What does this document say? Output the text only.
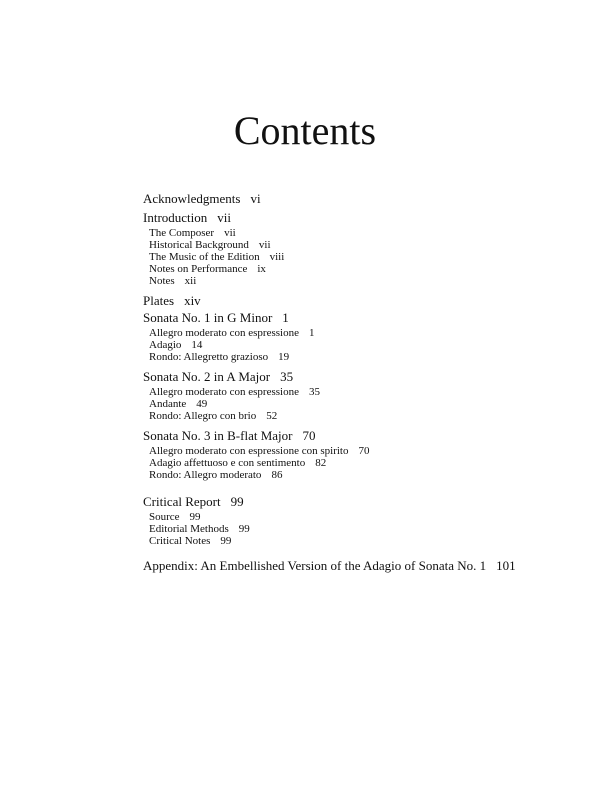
Contents
Acknowledgments vi
Introduction vii
The Composer vii
Historical Background vii
The Music of the Edition viii
Notes on Performance ix
Notes xii
Plates xiv
Sonata No. 1 in G Minor 1
Allegro moderato con espressione 1
Adagio 14
Rondo: Allegretto grazioso 19
Sonata No. 2 in A Major 35
Allegro moderato con espressione 35
Andante 49
Rondo: Allegro con brio 52
Sonata No. 3 in B-flat Major 70
Allegro moderato con espressione con spirito 70
Adagio affettuoso e con sentimento 82
Rondo: Allegro moderato 86
Critical Report 99
Source 99
Editorial Methods 99
Critical Notes 99
Appendix: An Embellished Version of the Adagio of Sonata No. 1 101
